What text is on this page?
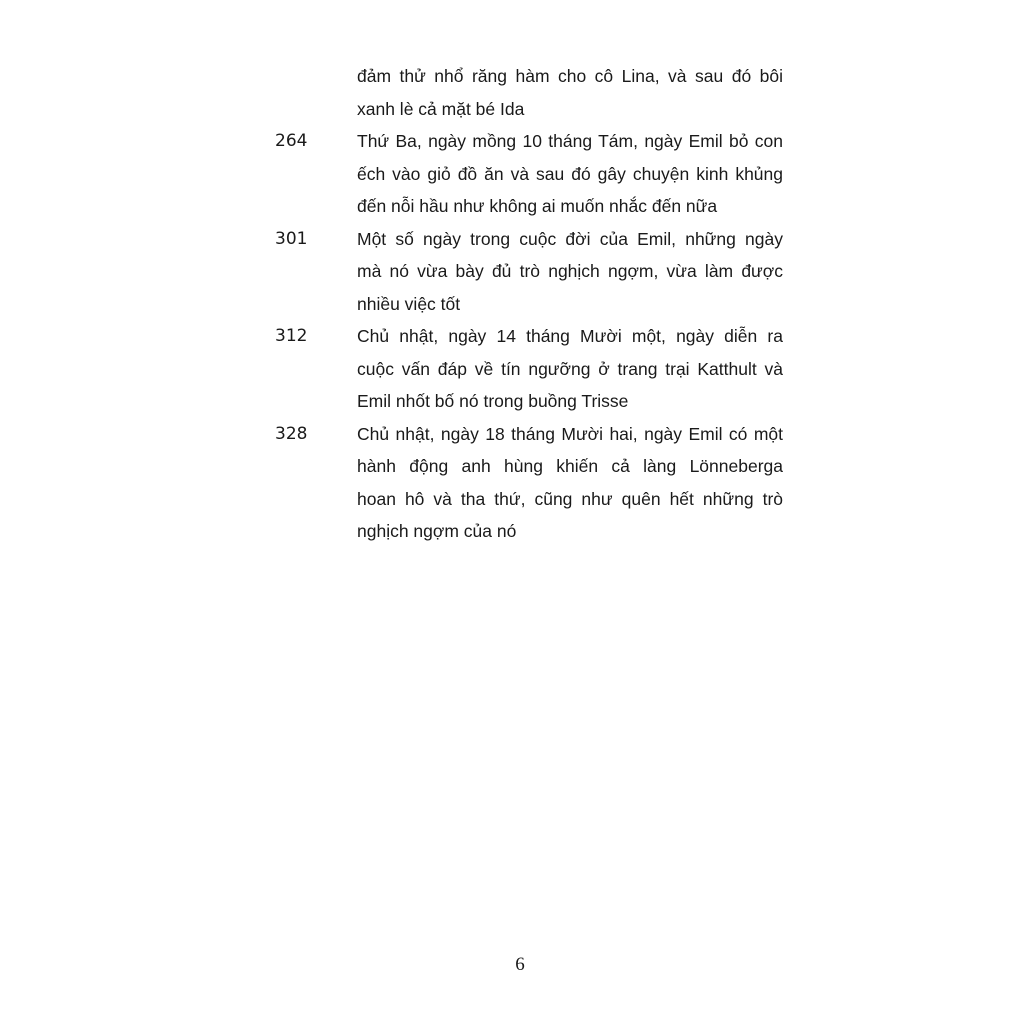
đảm thử nhổ răng hàm cho cô Lina, và sau đó bôi
xanh lè cả mặt bé Ida
264	Thứ Ba, ngày mồng 10 tháng Tám, ngày Emil bỏ con
ếch vào giỏ đồ ăn và sau đó gây chuyện kinh khủng
đến nỗi hầu như không ai muốn nhắc đến nữa
301	Một số ngày trong cuộc đời của Emil, những ngày
mà nó vừa bày đủ trò nghịch ngợm, vừa làm được
nhiều việc tốt
312	Chủ nhật, ngày 14 tháng Mười một, ngày diễn ra
cuộc vấn đáp về tín ngưỡng ở trang trại Katthult và
Emil nhốt bố nó trong buồng Trisse
328	Chủ nhật, ngày 18 tháng Mười hai, ngày Emil có một
hành động anh hùng khiến cả làng Lönneberga
hoan hô và tha thứ, cũng như quên hết những trò
nghịch ngợm của nó
6
